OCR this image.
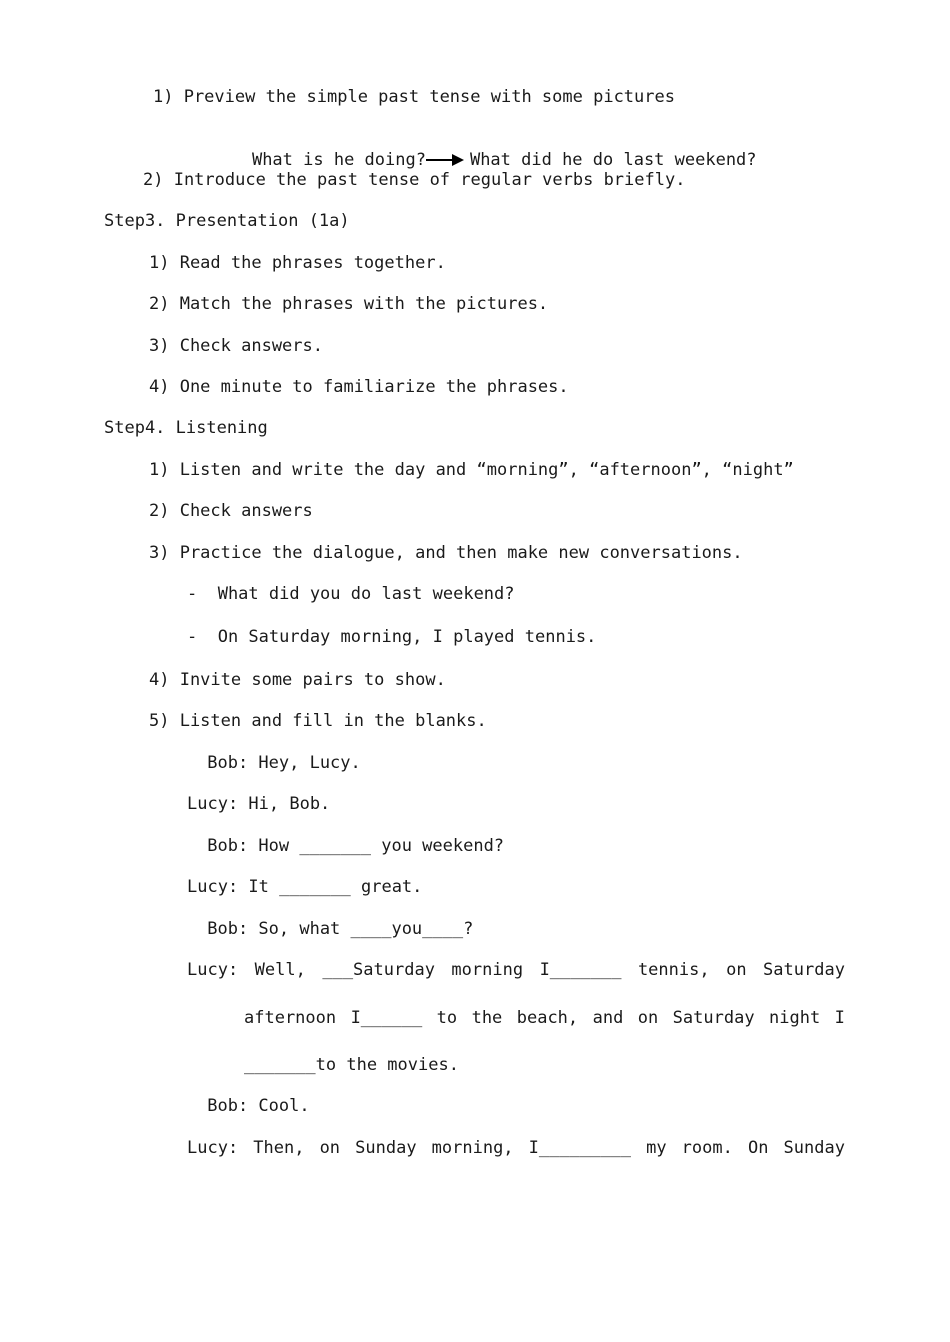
1) Preview the simple past tense with some pictures

What is he doing?	What did he do last weekend?

2) Introduce the past tense of regular verbs briefly.
Step3. Presentation (1a)
1) Read the phrases together.
2) Match the phrases with the pictures.
3) Check answers.
4) One minute to familiarize the phrases.
Step4. Listening
1) Listen and write the day and “morning”, “afternoon”, “night”
2) Check answers
3) Practice the dialogue, and then make new conversations.
-  What did you do last weekend?
-  On Saturday morning, I played tennis.
4) Invite some pairs to show.
5) Listen and fill in the blanks.
Bob: Hey, Lucy.
Lucy: Hi, Bob.
Bob: How _______ you weekend?
Lucy: It _______ great.
Bob: So, what ____you____?
Lucy: Well, ___Saturday morning I_______ tennis, on Saturday
afternoon I______ to the beach, and on Saturday night I
_______to the movies.
Bob: Cool.
Lucy: Then, on Sunday morning, I_________ my room. On Sunday
